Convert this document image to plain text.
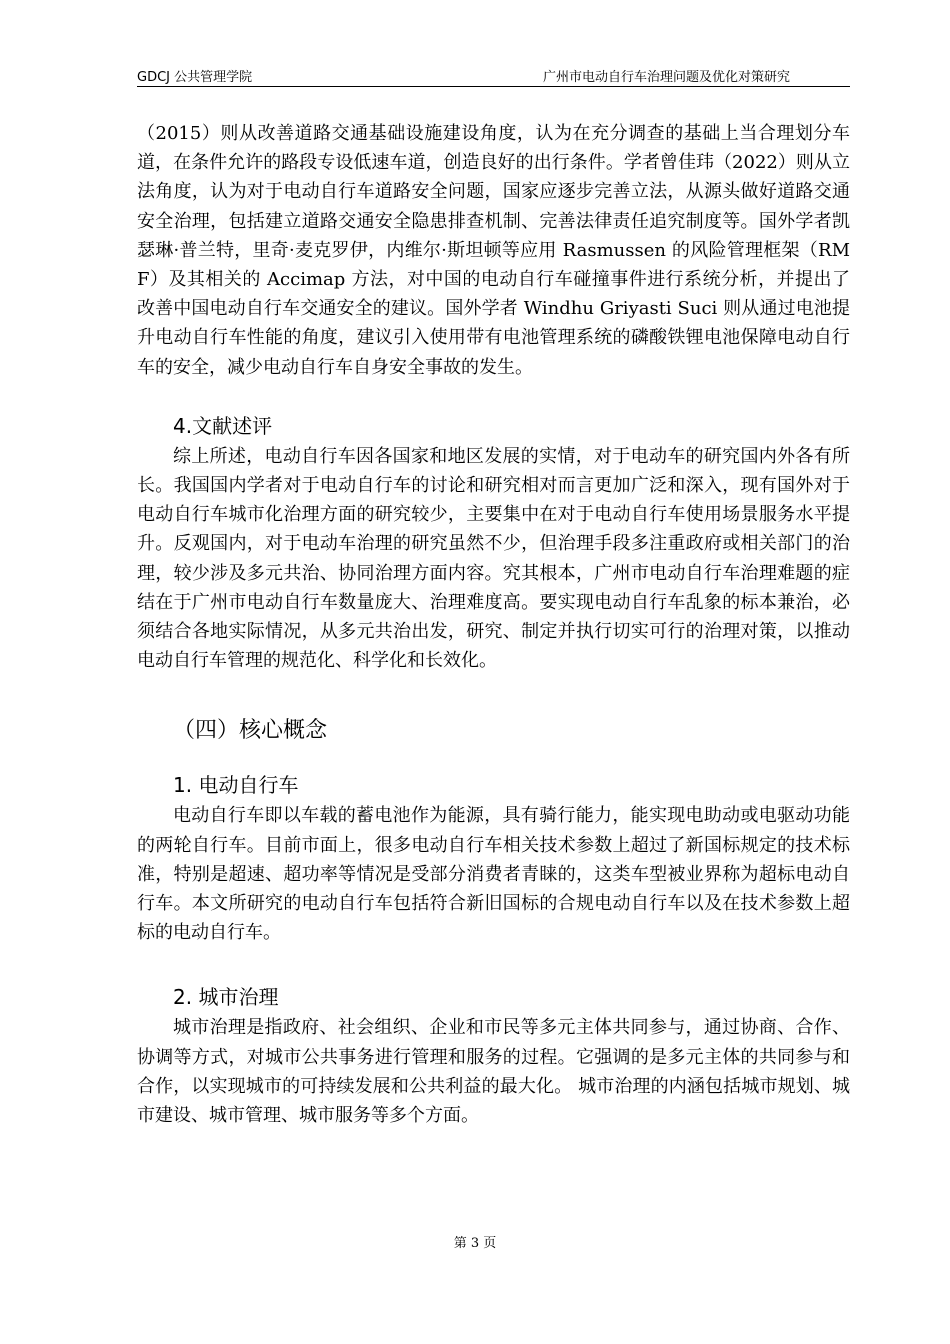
GDCJ 公共管理学院	广州市电动自行车治理问题及优化对策研究

（2015）则从改善道路交通基础设施建设角度，认为在充分调查的基础上当合理划分车道，在条件允许的路段专设低速车道，创造良好的出行条件。学者曾佳玮（2022）则从立法角度，认为对于电动自行车道路安全问题，国家应逐步完善立法，从源头做好道路交通安全治理，包括建立道路交通安全隐患排查机制、完善法律责任追究制度等。国外学者凯瑟琳·普兰特，里奇·麦克罗伊，内维尔·斯坦顿等应用 Rasmussen 的风险管理框架（RMF）及其相关的 Accimap 方法，对中国的电动自行车碰撞事件进行系统分析，并提出了改善中国电动自行车交通安全的建议。国外学者 Windhu Griyasti Suci 则从通过电池提升电动自行车性能的角度，建议引入使用带有电池管理系统的磷酸铁锂电池保障电动自行车的安全，减少电动自行车自身安全事故的发生。

4.文献述评

综上所述，电动自行车因各国家和地区发展的实情，对于电动车的研究国内外各有所长。我国国内学者对于电动自行车的讨论和研究相对而言更加广泛和深入，现有国外对于电动自行车城市化治理方面的研究较少，主要集中在对于电动自行车使用场景服务水平提升。反观国内，对于电动车治理的研究虽然不少，但治理手段多注重政府或相关部门的治理，较少涉及多元共治、协同治理方面内容。究其根本，广州市电动自行车治理难题的症结在于广州市电动自行车数量庞大、治理难度高。要实现电动自行车乱象的标本兼治，必须结合各地实际情况，从多元共治出发，研究、制定并执行切实可行的治理对策，以推动电动自行车管理的规范化、科学化和长效化。

（四）核心概念

1. 电动自行车

电动自行车即以车载的蓄电池作为能源，具有骑行能力，能实现电助动或电驱动功能的两轮自行车。目前市面上，很多电动自行车相关技术参数上超过了新国标规定的技术标准，特别是超速、超功率等情况是受部分消费者青睐的，这类车型被业界称为超标电动自行车。本文所研究的电动自行车包括符合新旧国标的合规电动自行车以及在技术参数上超标的电动自行车。

2. 城市治理

城市治理是指政府、社会组织、企业和市民等多元主体共同参与，通过协商、合作、协调等方式，对城市公共事务进行管理和服务的过程。它强调的是多元主体的共同参与和合作，以实现城市的可持续发展和公共利益的最大化。 城市治理的内涵包括城市规划、城市建设、城市管理、城市服务等多个方面。

第 3 页
